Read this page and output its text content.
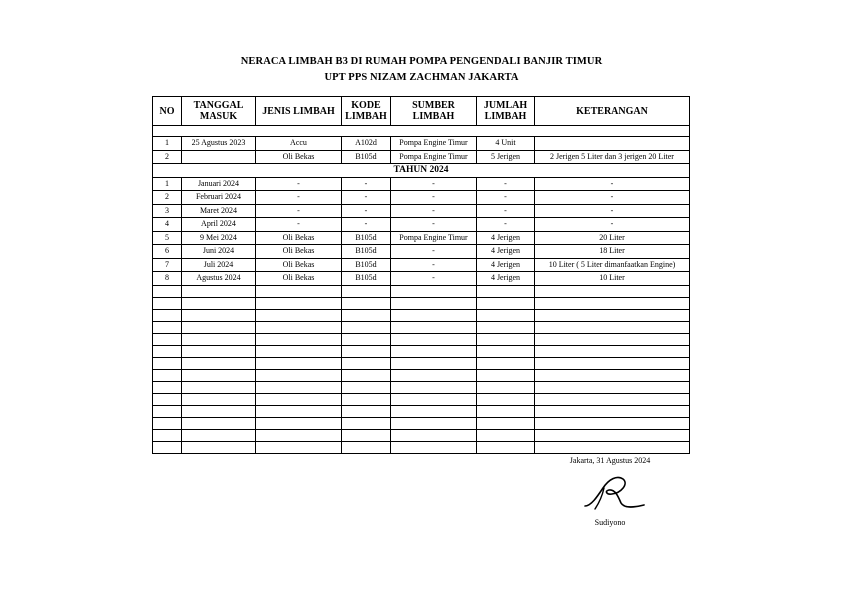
NERACA LIMBAH B3 DI RUMAH POMPA PENGENDALI BANJIR TIMUR
UPT PPS NIZAM ZACHMAN JAKARTA
NO	TANGGAL MASUK	JENIS LIMBAH	KODE LIMBAH	SUMBER LIMBAH	JUMLAH LIMBAH	KETERANGAN

1	25 Agustus 2023	Accu	A102d	Pompa Engine Timur	4 Unit	
2		Oli Bekas	B105d	Pompa Engine Timur	5 Jerigen	2 Jerigen 5 Liter dan 3 jerigen 20 Liter
TAHUN 2024						
1	Januari 2024	-	-	-	-	-
2	Februari 2024	-	-	-	-	-
3	Maret 2024	-	-	-	-	-
4	April 2024	-	-	-	-	-
5	9 Mei 2024	Oli Bekas	B105d	Pompa Engine Timur	4 Jerigen	20 Liter
6	Juni 2024	Oli Bekas	B105d	-	4 Jerigen	18 Liter
7	Juli 2024	Oli Bekas	B105d	-	4 Jerigen	10 Liter ( 5 Liter dimanfaatkan Engine)
8	Agustus 2024	Oli Bekas	B105d	-	4 Jerigen	10 Liter

Jakarta, 31 Agustus 2024
Sudiyono
